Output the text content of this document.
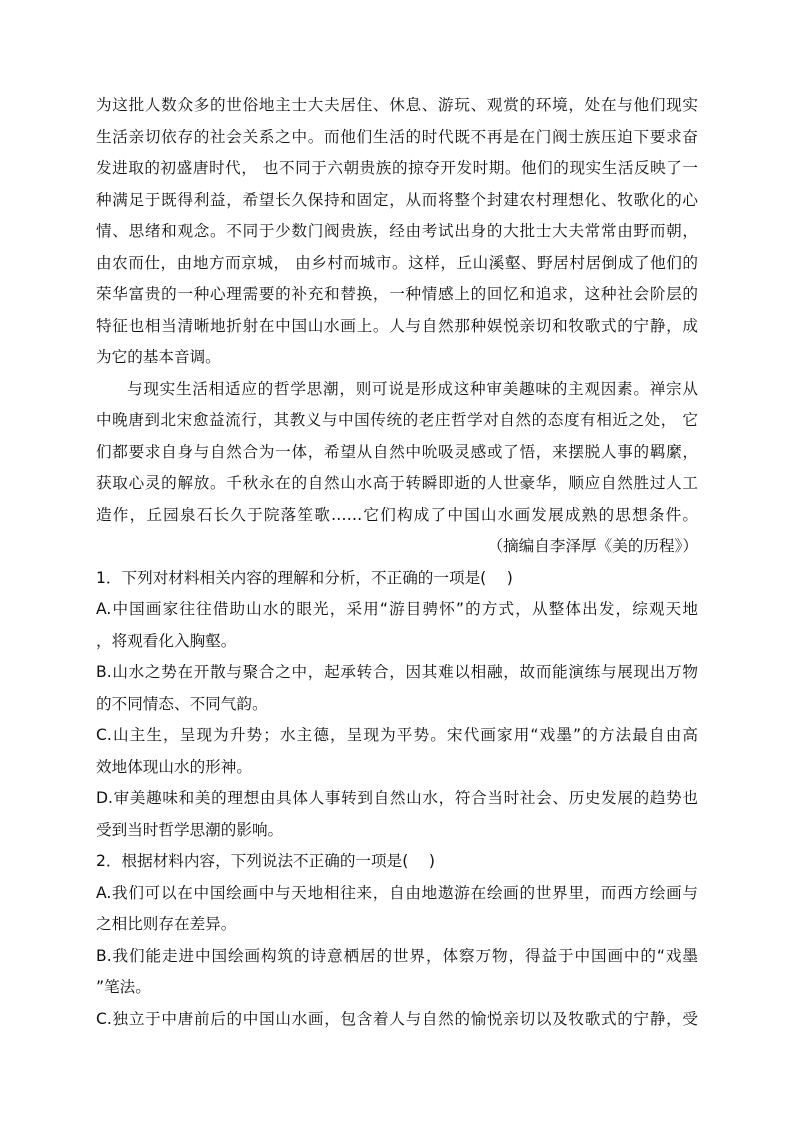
为这批人数众多的世俗地主士大夫居住、休息、游玩、观赏的环境，处在与他们现实
生活亲切依存的社会关系之中。而他们生活的时代既不再是在门阀士族压迫下要求奋
发进取的初盛唐时代， 也不同于六朝贵族的掠夺开发时期。他们的现实生活反映了一
种满足于既得利益，希望长久保持和固定，从而将整个封建农村理想化、牧歌化的心
情、思绪和观念。不同于少数门阀贵族，经由考试出身的大批士大夫常常由野而朝，
由农而仕，由地方而京城， 由乡村而城市。这样，丘山溪壑、野居村居倒成了他们的
荣华富贵的一种心理需要的补充和替换，一种情感上的回忆和追求，这种社会阶层的
特征也相当清晰地折射在中国山水画上。人与自然那种娱悦亲切和牧歌式的宁静，成
为它的基本音调。
与现实生活相适应的哲学思潮，则可说是形成这种审美趣味的主观因素。禅宗从
中晚唐到北宋愈益流行，其教义与中国传统的老庄哲学对自然的态度有相近之处， 它
们都要求自身与自然合为一体，希望从自然中吮吸灵感或了悟，来摆脱人事的羁縻，
获取心灵的解放。千秋永在的自然山水高于转瞬即逝的人世豪华，顺应自然胜过人工
造作，丘园泉石长久于院落笙歌……它们构成了中国山水画发展成熟的思想条件。
（摘编自李泽厚《美的历程》）
1．下列对材料相关内容的理解和分析，不正确的一项是(　 )
A.中国画家往往借助山水的眼光，采用“游目骋怀”的方式，从整体出发，综观天地
，将观看化入胸壑。
B.山水之势在开散与聚合之中，起承转合，因其难以相融，故而能演练与展现出万物
的不同情态、不同气韵。
C.山主生，呈现为升势；水主德，呈现为平势。宋代画家用“戏墨”的方法最自由高
效地体现山水的形神。
D.审美趣味和美的理想由具体人事转到自然山水，符合当时社会、历史发展的趋势也
受到当时哲学思潮的影响。
2．根据材料内容，下列说法不正确的一项是(　 )
A.我们可以在中国绘画中与天地相往来，自由地遨游在绘画的世界里，而西方绘画与
之相比则存在差异。
B.我们能走进中国绘画构筑的诗意栖居的世界，体察万物，得益于中国画中的“戏墨
”笔法。
C.独立于中唐前后的中国山水画，包含着人与自然的愉悦亲切以及牧歌式的宁静，受
